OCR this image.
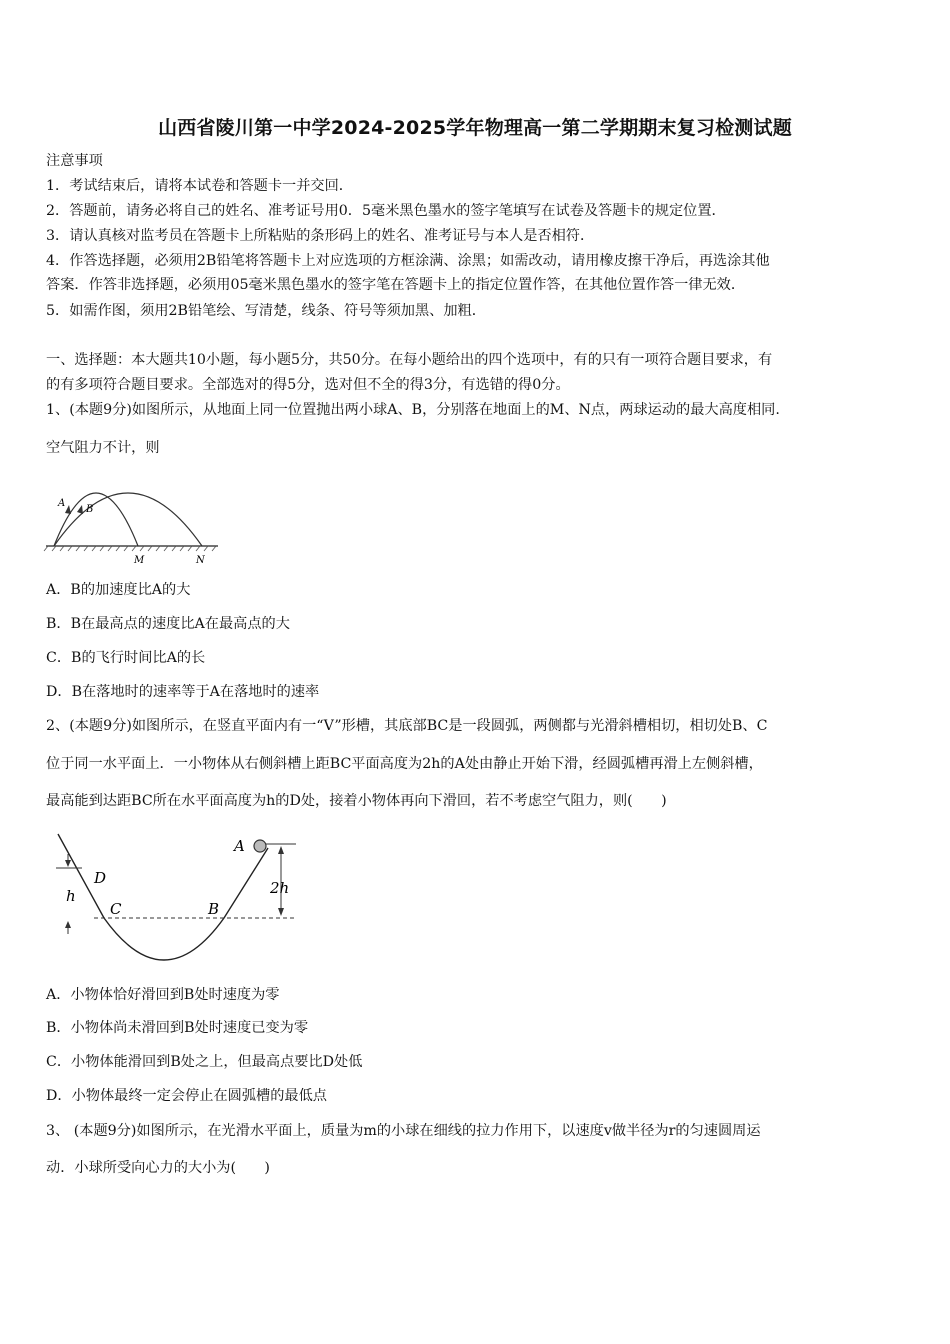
山西省陵川第一中学2024-2025学年物理高一第二学期期末复习检测试题
注意事项
1．考试结束后，请将本试卷和答题卡一并交回．
2．答题前，请务必将自己的姓名、准考证号用0．5毫米黑色墨水的签字笔填写在试卷及答题卡的规定位置．
3．请认真核对监考员在答题卡上所粘贴的条形码上的姓名、准考证号与本人是否相符．
4．作答选择题，必须用2B铅笔将答题卡上对应选项的方框涂满、涂黑；如需改动，请用橡皮擦干净后，再选涂其他
答案．作答非选择题，必须用05毫米黑色墨水的签字笔在答题卡上的指定位置作答，在其他位置作答一律无效．
5．如需作图，须用2B铅笔绘、写清楚，线条、符号等须加黑、加粗．
一、选择题：本大题共10小题，每小题5分，共50分。在每小题给出的四个选项中，有的只有一项符合题目要求，有
的有多项符合题目要求。全部选对的得5分，选对但不全的得3分，有选错的得0分。
1、(本题9分)如图所示，从地面上同一位置抛出两小球A、B，分别落在地面上的M、N点，两球运动的最大高度相同.
空气阻力不计，则
A
B
M	N
A．B的加速度比A的大
B．B在最高点的速度比A在最高点的大
C．B的飞行时间比A的长
D．B在落地时的速率等于A在落地时的速率
2、(本题9分)如图所示，在竖直平面内有一“V”形槽，其底部BC是一段圆弧，两侧都与光滑斜槽相切，相切处B、C
位于同一水平面上．一小物体从右侧斜槽上距BC平面高度为2h的A处由静止开始下滑，经圆弧槽再滑上左侧斜槽，
最高能到达距BC所在水平面高度为h的D处，接着小物体再向下滑回，若不考虑空气阻力，则(　　)
A
D
h
C	B
2h
A．小物体恰好滑回到B处时速度为零
B．小物体尚未滑回到B处时速度已变为零
C．小物体能滑回到B处之上，但最高点要比D处低
D．小物体最终一定会停止在圆弧槽的最低点
3、 (本题9分)如图所示，在光滑水平面上，质量为m的小球在细线的拉力作用下，以速度v做半径为r的匀速圆周运
动．小球所受向心力的大小为(　　)
